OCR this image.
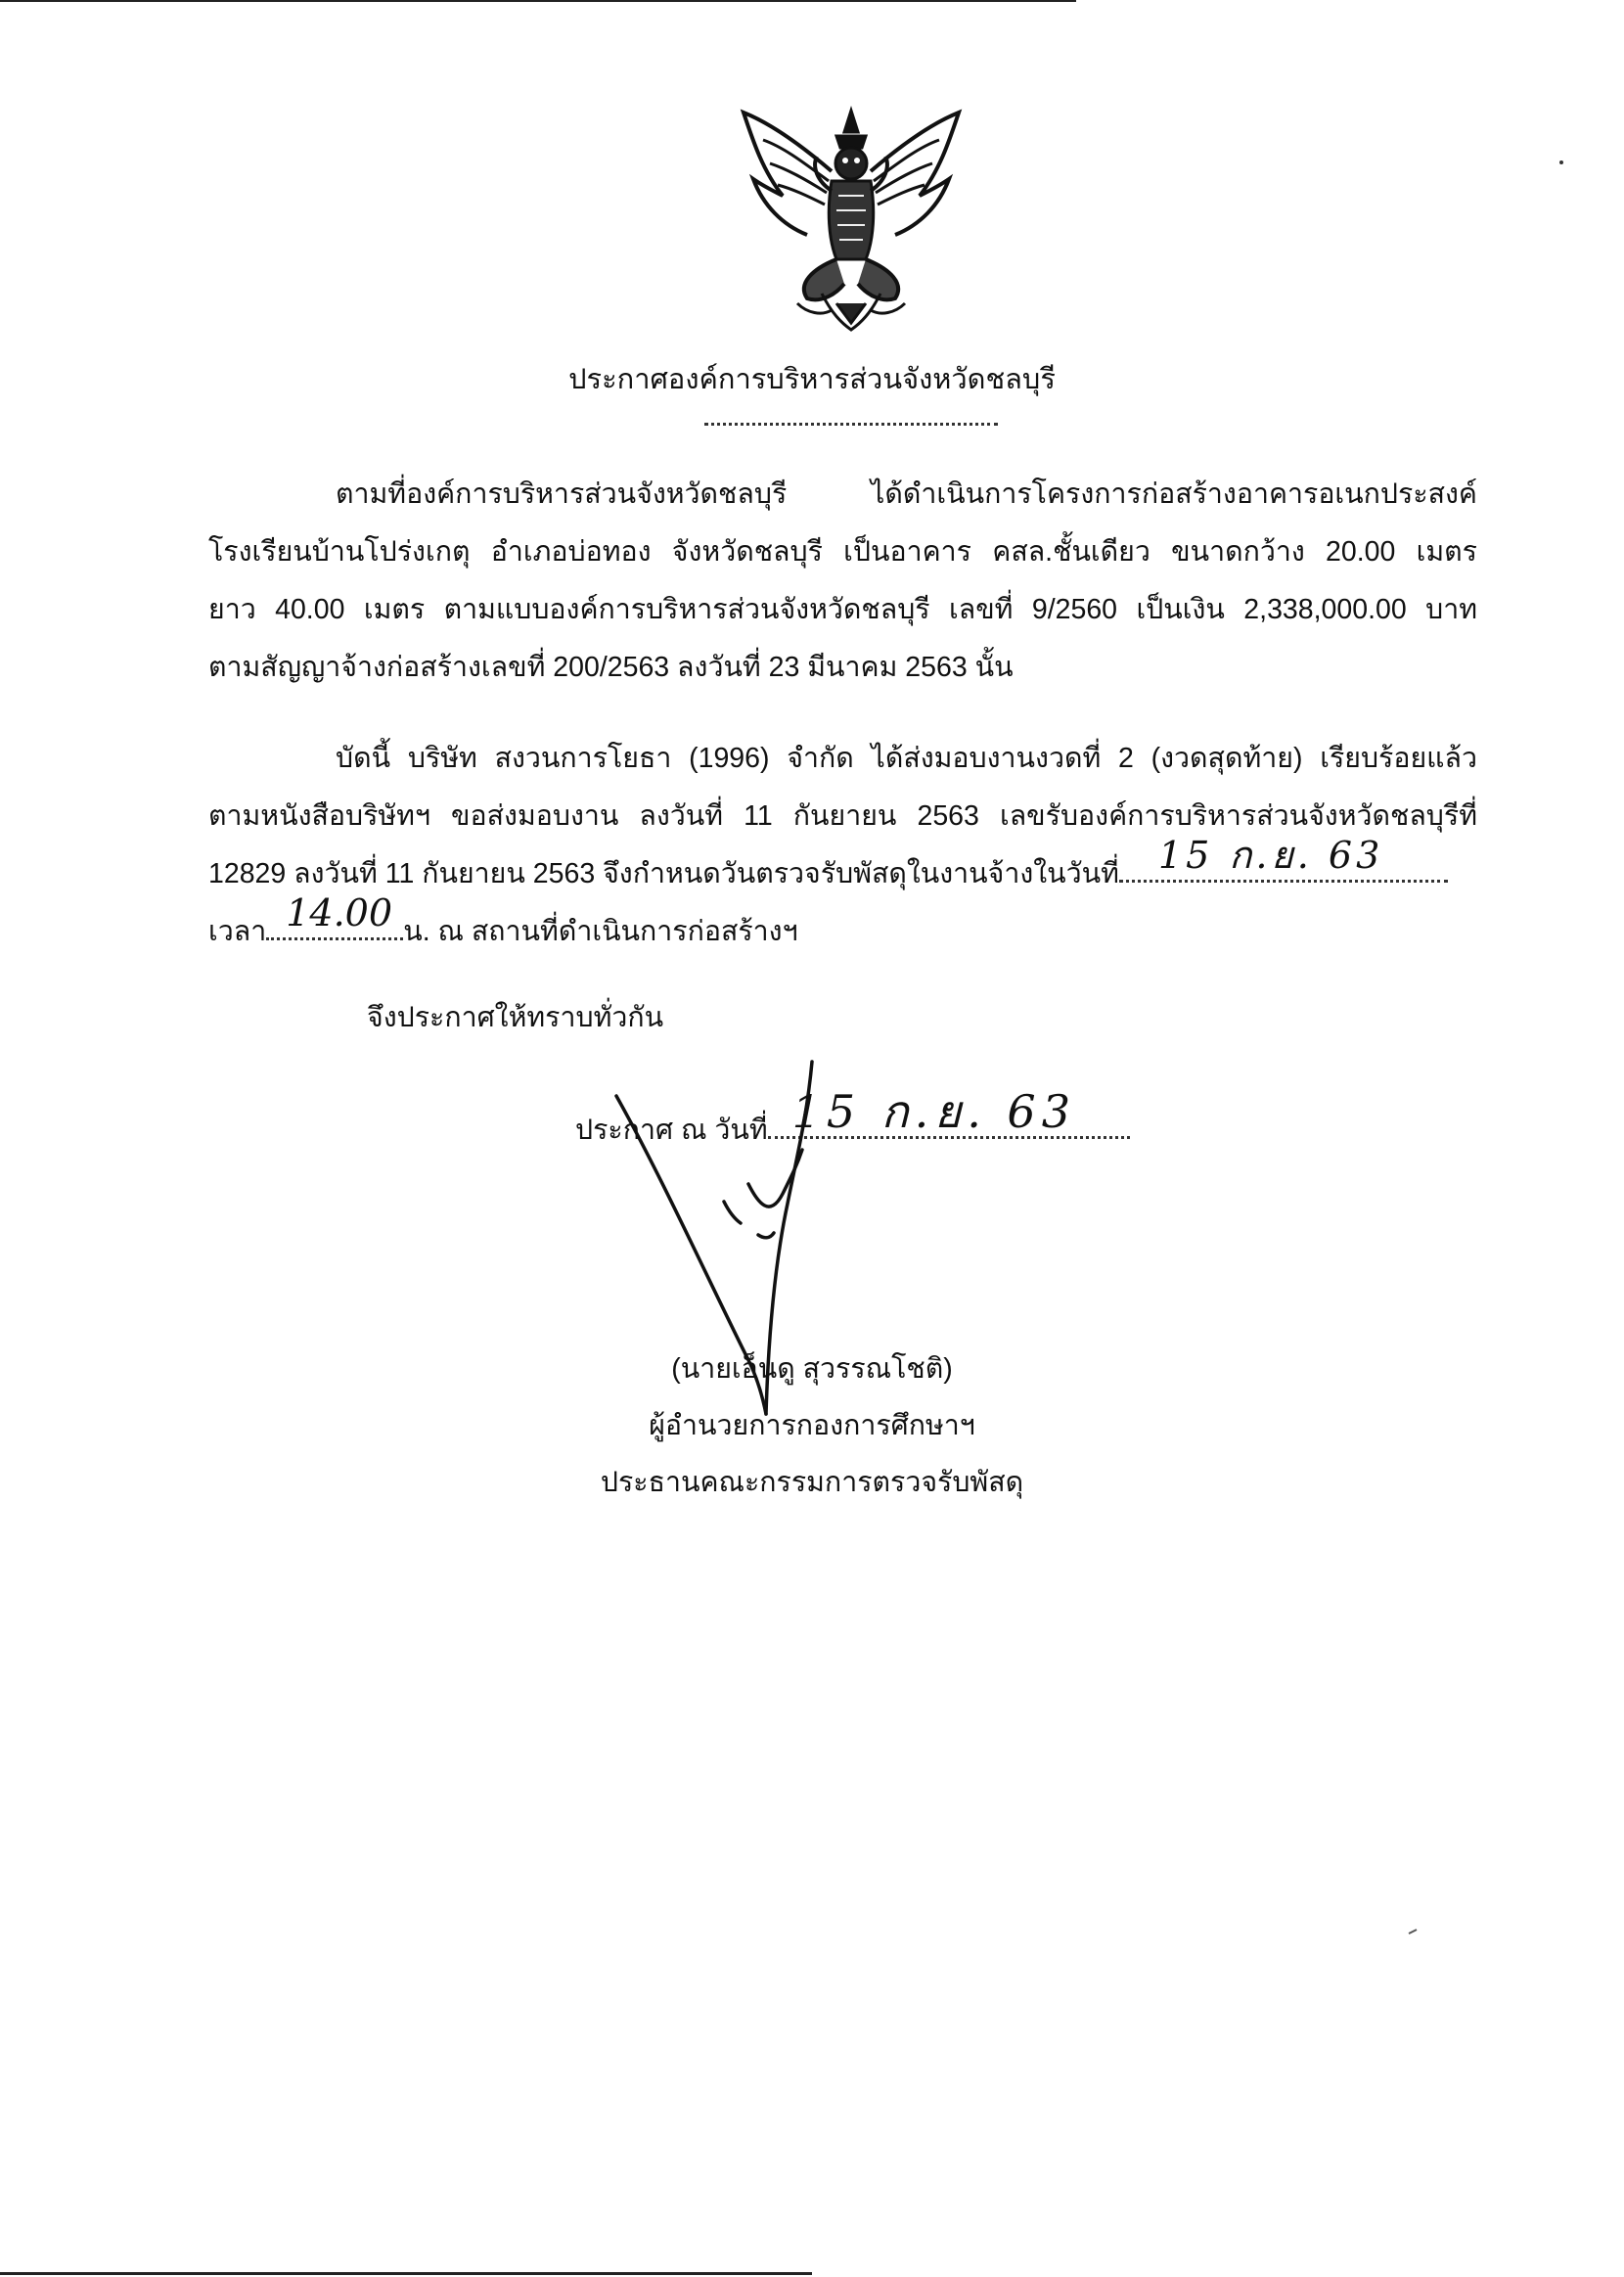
ประกาศองค์การบริหารส่วนจังหวัดชลบุรี
ตามที่องค์การบริหารส่วนจังหวัดชลบุรี ได้ดำเนินการโครงการก่อสร้างอาคารอเนกประสงค์
โรงเรียนบ้านโปร่งเกตุ อำเภอบ่อทอง จังหวัดชลบุรี เป็นอาคาร คสล.ชั้นเดียว ขนาดกว้าง 20.00 เมตร
ยาว 40.00 เมตร ตามแบบองค์การบริหารส่วนจังหวัดชลบุรี เลขที่ 9/2560 เป็นเงิน 2,338,000.00 บาท
ตามสัญญาจ้างก่อสร้างเลขที่ 200/2563 ลงวันที่ 23 มีนาคม 2563 นั้น
บัดนี้ บริษัท สงวนการโยธา (1996) จำกัด ได้ส่งมอบงานงวดที่ 2 (งวดสุดท้าย) เรียบร้อยแล้ว
ตามหนังสือบริษัทฯ ขอส่งมอบงาน ลงวันที่ 11 กันยายน 2563 เลขรับองค์การบริหารส่วนจังหวัดชลบุรีที่
12829 ลงวันที่ 11 กันยายน 2563 จึงกำหนดวันตรวจรับพัสดุในงานจ้างในวันที่ 15 ก.ย. 63
เวลา 14.00 น. ณ สถานที่ดำเนินการก่อสร้างฯ
จึงประกาศให้ทราบทั่วกัน
ประกาศ ณ วันที่ 15 ก.ย. 63
(นายเอ็นดู สุวรรณโชติ)
ผู้อำนวยการกองการศึกษาฯ
ประธานคณะกรรมการตรวจรับพัสดุ
